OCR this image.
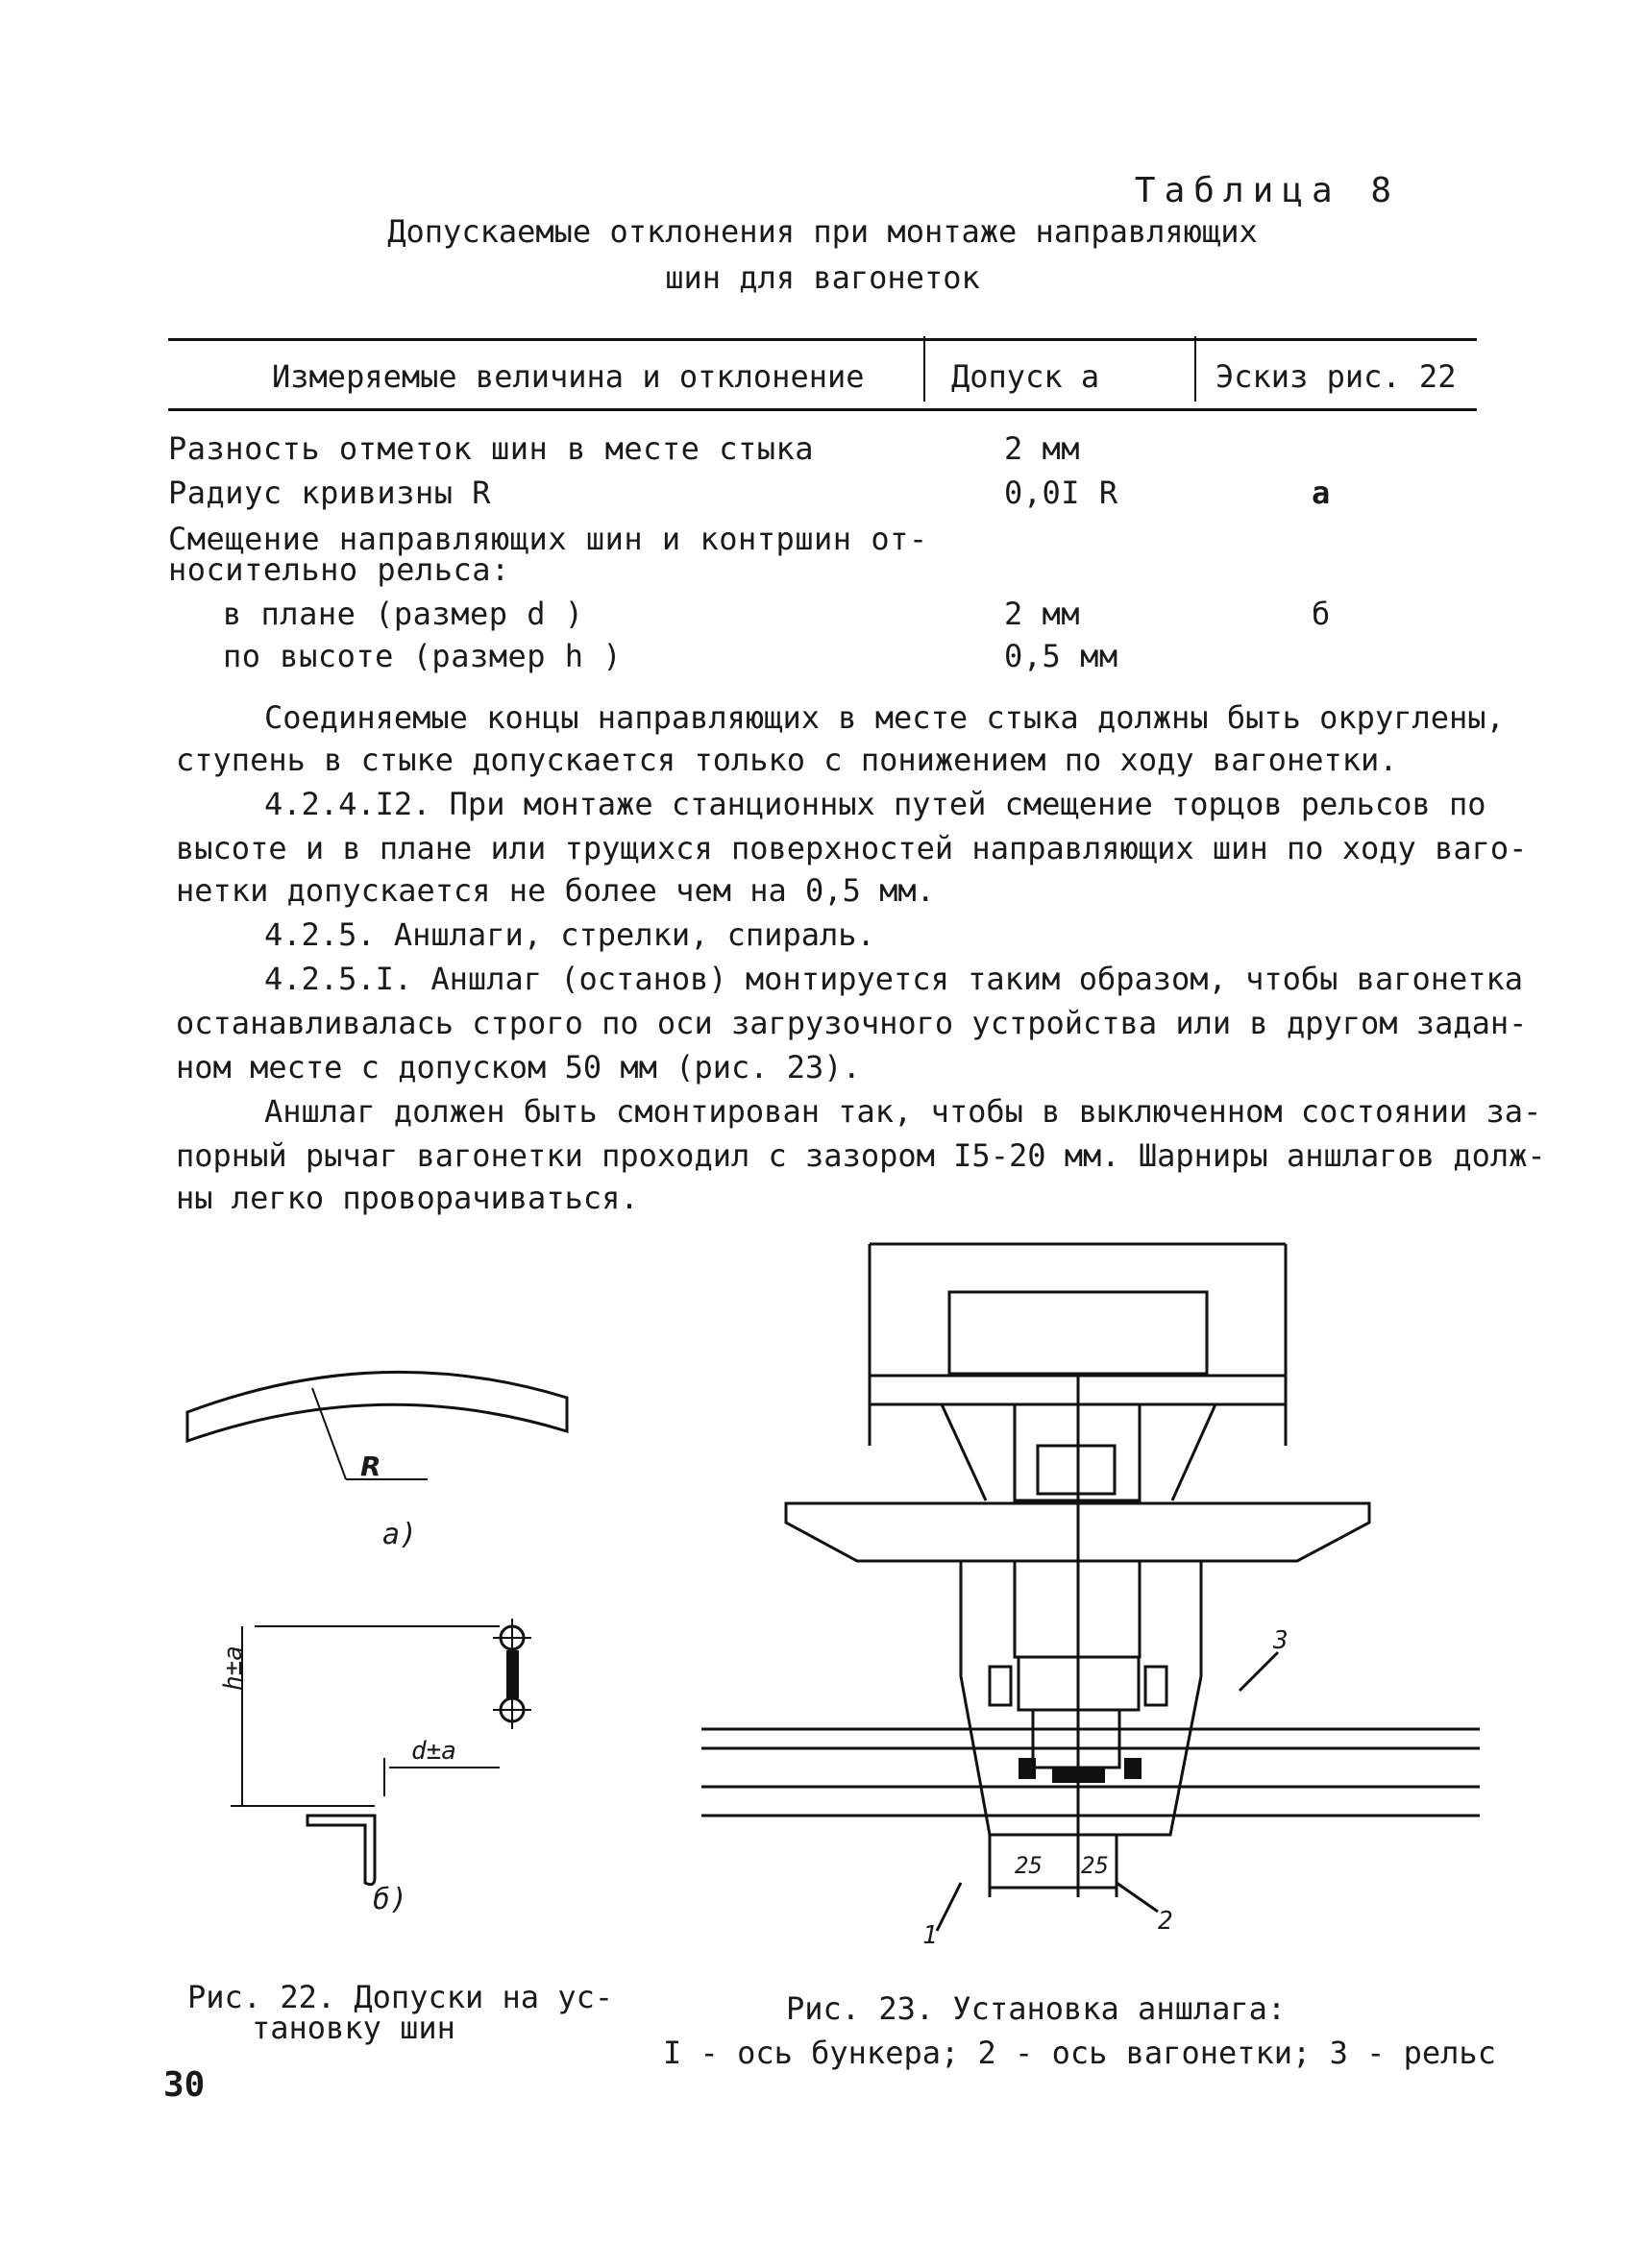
Таблица 8
Допускаемые отклонения при монтаже направляющих
шин для вагонеток
Измеряемые величина и отклонение	Допуск a	Эскиз рис. 22
Разность отметок шин в месте стыка	2 мм
Радиус кривизны R	0,0I R	а
Смещение направляющих шин и контршин от-
носительно рельса:
в плане (размер d )	2 мм	б
по высоте (размер h )	0,5 мм
Соединяемые концы направляющих в месте стыка должны быть округлены,
ступень в стыке допускается только с понижением по ходу вагонетки.
4.2.4.I2. При монтаже станционных путей смещение торцов рельсов по
высоте и в плане или трущихся поверхностей направляющих шин по ходу ваго-
нетки допускается не более чем на 0,5 мм.
4.2.5. Аншлаги, стрелки, спираль.
4.2.5.I. Аншлаг (останов) монтируется таким образом, чтобы вагонетка
останавливалась строго по оси загрузочного устройства или в другом задан-
ном месте с допуском 50 мм (рис. 23).
Аншлаг должен быть смонтирован так, чтобы в выключенном состоянии за-
порный рычаг вагонетки проходил с зазором I5-20 мм. Шарниры аншлагов долж-
ны легко проворачиваться.
R
а)
h±a
d±a
б)
Рис. 22. Допуски на ус-
тановку шин
25 25
1	2
3
Рис. 23. Установка аншлага:
I - ось бункера; 2 - ось вагонетки; 3 - рельс
30
